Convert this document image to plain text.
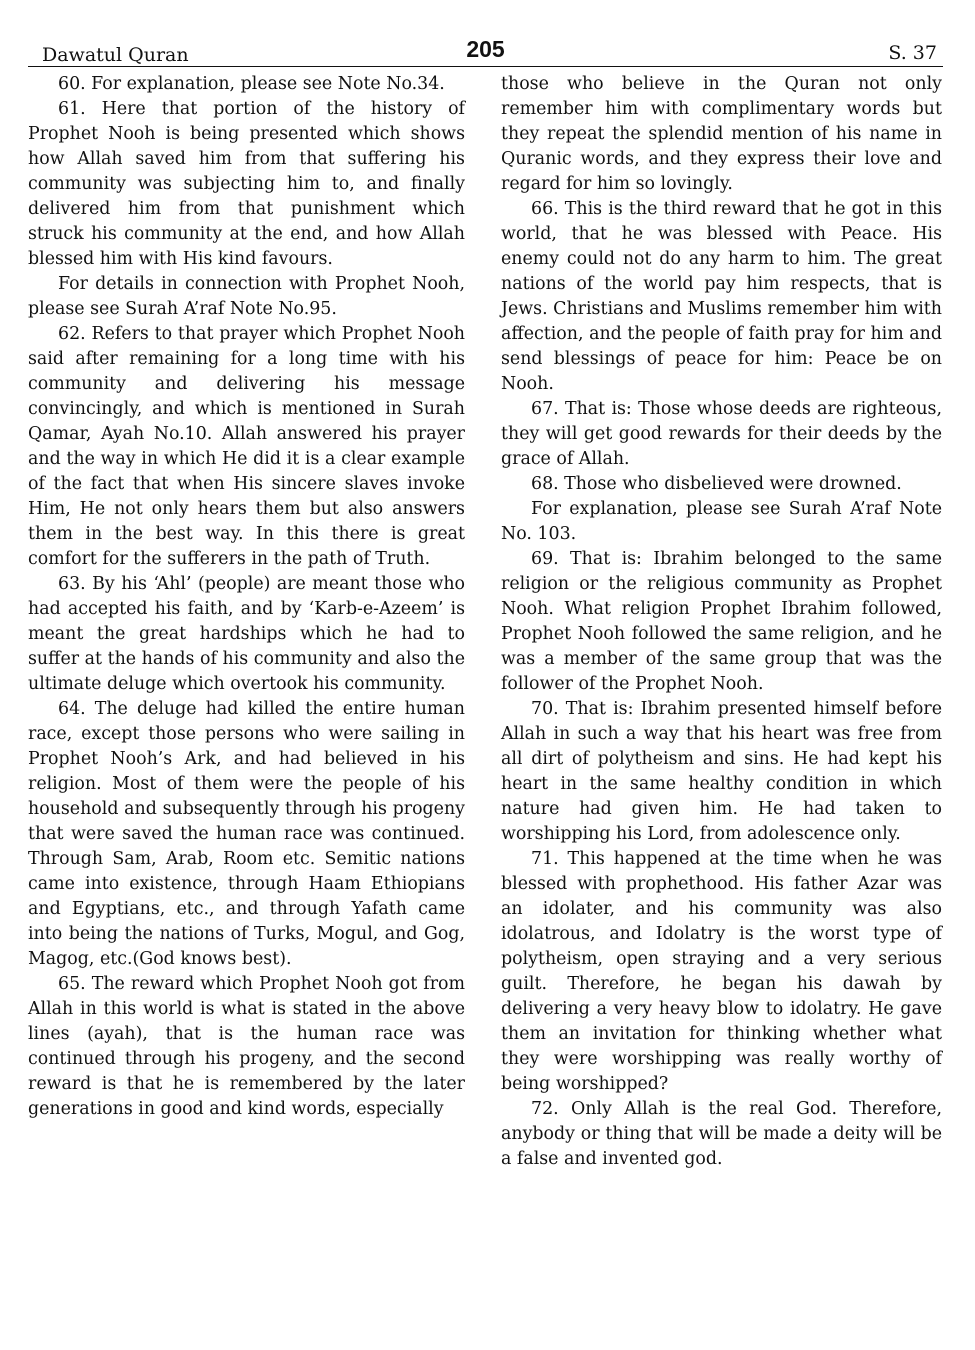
Dawatul Quran	205	S. 37

60. For explanation, please see Note No.34.

61. Here that portion of the history of Prophet Nooh is being presented which shows how Allah saved him from that suffering his community was subjecting him to, and finally delivered him from that punishment which struck his community at the end, and how Allah blessed him with His kind favours.

For details in connection with Prophet Nooh, please see Surah A’raf Note No.95.

62. Refers to that prayer which Prophet Nooh said after remaining for a long time with his community and delivering his message convincingly, and which is mentioned in Surah Qamar, Ayah No.10. Allah answered his prayer and the way in which He did it is a clear example of the fact that when His sincere slaves invoke Him, He not only hears them but also answers them in the best way. In this there is great comfort for the sufferers in the path of Truth.

63. By his ‘Ahl’ (people) are meant those who had accepted his faith, and by ‘Karb-e-Azeem’ is meant the great hardships which he had to suffer at the hands of his community and also the ultimate deluge which overtook his community.

64. The deluge had killed the entire human race, except those persons who were sailing in Prophet Nooh’s Ark, and had believed in his religion. Most of them were the people of his household and subsequently through his progeny that were saved the human race was continued. Through Sam, Arab, Room etc. Semitic nations came into existence, through Haam Ethiopians and Egyptians, etc., and through Yafath came into being the nations of Turks, Mogul, and Gog, Magog, etc.(God knows best).

65. The reward which Prophet Nooh got from Allah in this world is what is stated in the above lines (ayah), that is the human race was continued through his progeny, and the second reward is that he is remembered by the later generations in good and kind words, especially

those who believe in the Quran not only remember him with complimentary words but they repeat the splendid mention of his name in Quranic words, and they express their love and regard for him so lovingly.

66. This is the third reward that he got in this world, that he was blessed with Peace. His enemy could not do any harm to him. The great nations of the world pay him respects, that is Jews. Christians and Muslims remember him with affection, and the people of faith pray for him and send blessings of peace for him: Peace be on Nooh.

67. That is: Those whose deeds are righteous, they will get good rewards for their deeds by the grace of Allah.

68. Those who disbelieved were drowned.

For explanation, please see Surah A’raf Note No. 103.

69. That is: Ibrahim belonged to the same religion or the religious community as Prophet Nooh. What religion Prophet Ibrahim followed, Prophet Nooh followed the same religion, and he was a member of the same group that was the follower of the Prophet Nooh.

70. That is: Ibrahim presented himself before Allah in such a way that his heart was free from all dirt of polytheism and sins. He had kept his heart in the same healthy condition in which nature had given him. He had taken to worshipping his Lord, from adolescence only.

71. This happened at the time when he was blessed with prophethood. His father Azar was an idolater, and his community was also idolatrous, and Idolatry is the worst type of polytheism, open straying and a very serious guilt. Therefore, he began his dawah by delivering a very heavy blow to idolatry. He gave them an invitation for thinking whether what they were worshipping was really worthy of being worshipped?

72. Only Allah is the real God. Therefore, anybody or thing that will be made a deity will be a false and invented god.
